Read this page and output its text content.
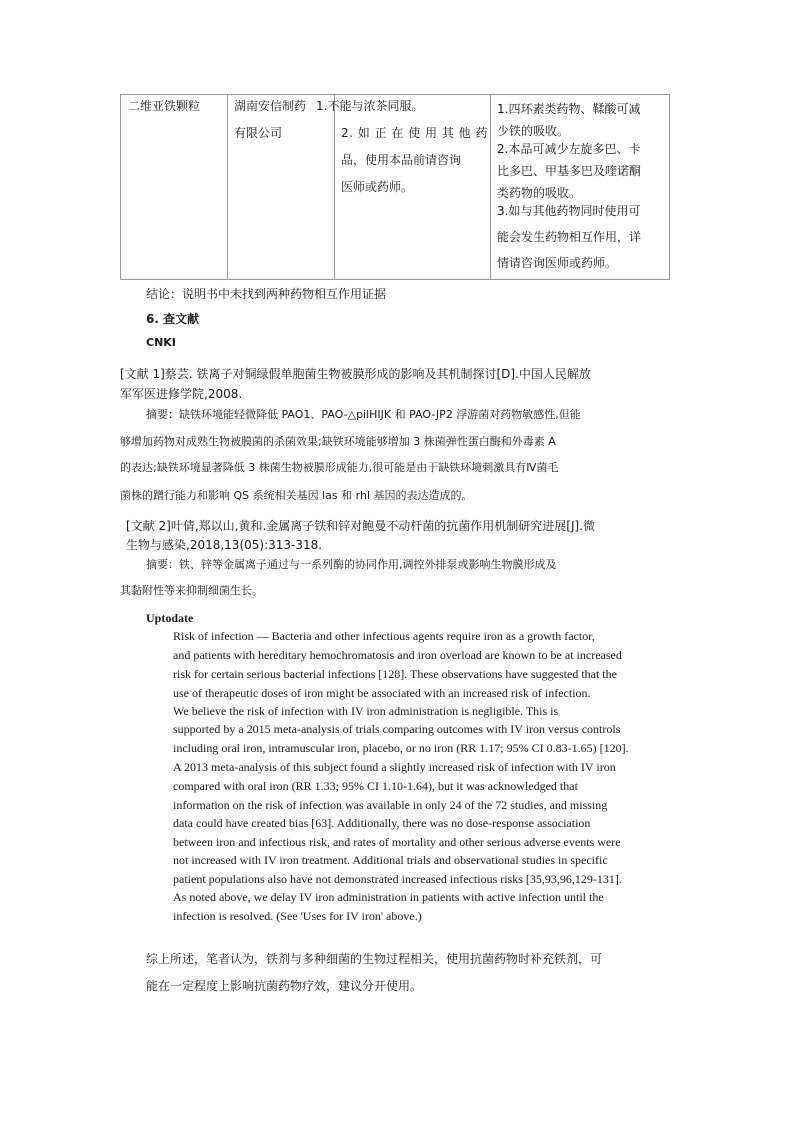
二维亚铁颗粒	湖南安信制药
有限公司
1.不能与浓茶同服。
2. 如 正 在 使 用 其 他 药
品，使用本品前请咨询
医师或药师。
1.四环素类药物、鞣酸可减
少铁的吸收。
2.本品可减少左旋多巴、卡
比多巴、甲基多巴及喹诺酮
类药物的吸收。
3.如与其他药物同时使用可
能会发生药物相互作用，详
情请咨询医师或药师。
结论：说明书中未找到两种药物相互作用证据
6. 查文献
CNKI
[文献 1]蔡芸. 铁离子对铜绿假单胞菌生物被膜形成的影响及其机制探讨[D].中国人民解放
军军医进修学院,2008.
摘要：缺铁环境能轻微降低 PAO1、PAO-△pilHIJK 和 PAO-JP2 浮游菌对药物敏感性,但能
够增加药物对成熟生物被膜菌的杀菌效果;缺铁环境能够增加 3 株菌弹性蛋白酶和外毒素 A
的表达;缺铁环境显著降低 3 株菌生物被膜形成能力,很可能是由于缺铁环境刺激具有Ⅳ菌毛
菌株的蹭行能力和影响 QS 系统相关基因 las 和 rhl 基因的表达造成的。
[文献 2]叶倩,郑以山,黄和.金属离子铁和锌对鲍曼不动杆菌的抗菌作用机制研究进展[J].微
生物与感染,2018,13(05):313-318.
摘要：铁、锌等金属离子通过与一系列酶的协同作用,调控外排泵或影响生物膜形成及
其黏附性等来抑制细菌生长。
Uptodate
Risk of infection — Bacteria and other infectious agents require iron as a growth factor,
and patients with hereditary hemochromatosis and iron overload are known to be at increased
risk for certain serious bacterial infections [128]. These observations have suggested that the
use of therapeutic doses of iron might be associated with an increased risk of infection.
We believe the risk of infection with IV iron administration is negligible. This is
supported by a 2015 meta-analysis of trials comparing outcomes with IV iron versus controls
including oral iron, intramuscular iron, placebo, or no iron (RR 1.17; 95% CI 0.83-1.65) [120].
A 2013 meta-analysis of this subject found a slightly increased risk of infection with IV iron
compared with oral iron (RR 1.33; 95% CI 1.10-1.64), but it was acknowledged that
information on the risk of infection was available in only 24 of the 72 studies, and missing
data could have created bias [63]. Additionally, there was no dose-response association
between iron and infectious risk, and rates of mortality and other serious adverse events were
not increased with IV iron treatment. Additional trials and observational studies in specific
patient populations also have not demonstrated increased infectious risks [35,93,96,129-131].
As noted above, we delay IV iron administration in patients with active infection until the
infection is resolved. (See 'Uses for IV iron' above.)
综上所述，笔者认为，铁剂与多种细菌的生物过程相关，使用抗菌药物时补充铁剂，可
能在一定程度上影响抗菌药物疗效，建议分开使用。
